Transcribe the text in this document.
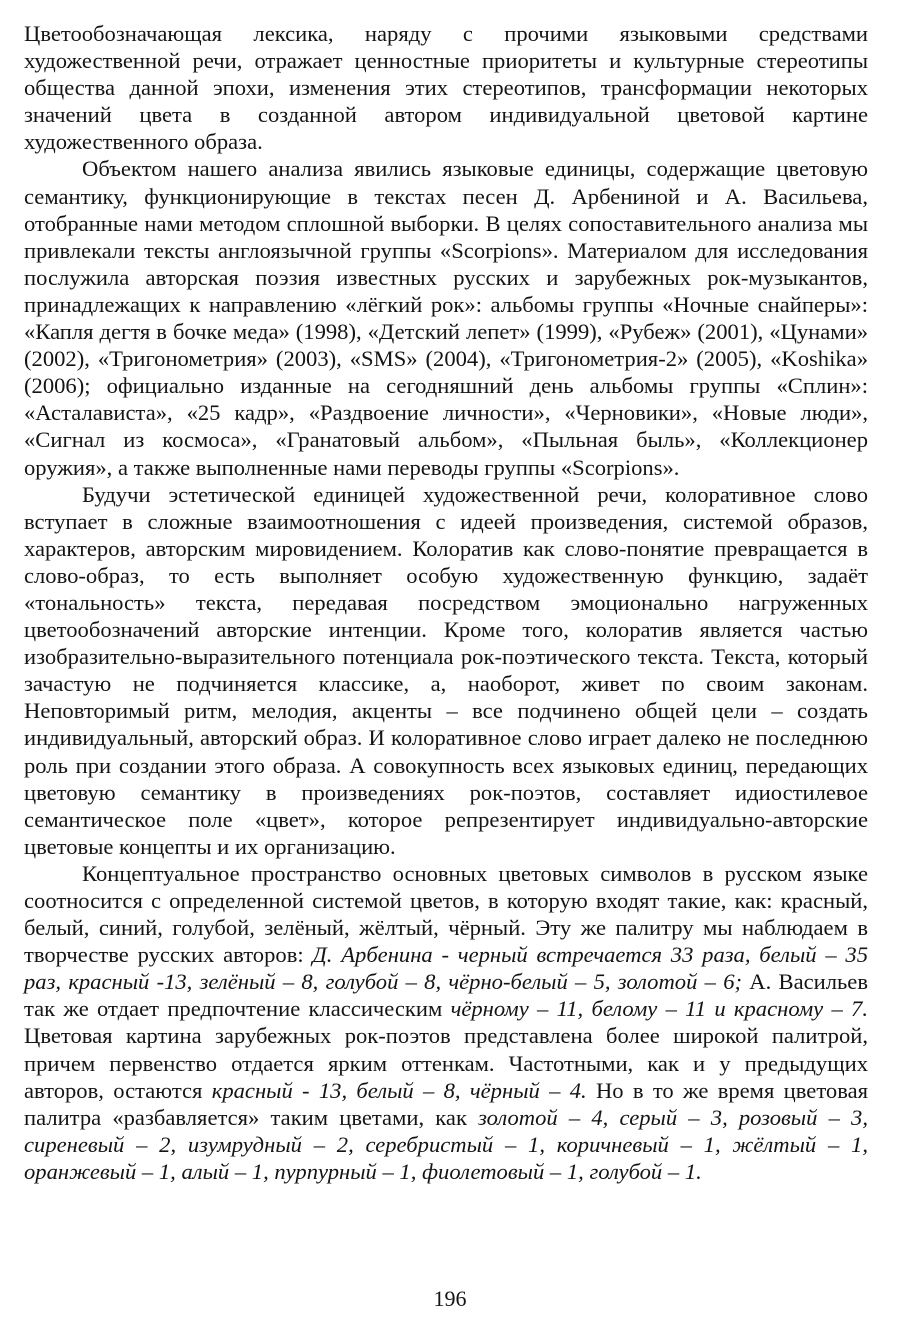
Цветообозначающая лексика, наряду с прочими языковыми средствами художественной речи, отражает ценностные приоритеты и культурные стереотипы общества данной эпохи, изменения этих стереотипов, трансформации некоторых значений цвета в созданной автором индивидуальной цветовой картине художественного образа.

Объектом нашего анализа явились языковые единицы, содержащие цветовую семантику, функционирующие в текстах песен Д. Арбениной и А. Васильева, отобранные нами методом сплошной выборки. В целях сопоставительного анализа мы привлекали тексты англоязычной группы «Scorpions». Материалом для исследования послужила авторская поэзия известных русских и зарубежных рок-музыкантов, принадлежащих к направлению «лёгкий рок»: альбомы группы «Ночные снайперы»: «Капля дегтя в бочке меда» (1998), «Детский лепет» (1999), «Рубеж» (2001), «Цунами» (2002), «Тригонометрия» (2003), «SMS» (2004), «Тригонометрия-2» (2005), «Koshika» (2006); официально изданные на сегодняшний день альбомы группы «Сплин»: «Асталависта», «25 кадр», «Раздвоение личности», «Черновики», «Новые люди», «Сигнал из космоса», «Гранатовый альбом», «Пыльная быль», «Коллекционер оружия», а также выполненные нами переводы группы «Scorpions».

Будучи эстетической единицей художественной речи, колоративное слово вступает в сложные взаимоотношения с идеей произведения, системой образов, характеров, авторским мировидением. Колоратив как слово-понятие превращается в слово-образ, то есть выполняет особую художественную функцию, задаёт «тональность» текста, передавая посредством эмоционально нагруженных цветообозначений авторские интенции. Кроме того, колоратив является частью изобразительно-выразительного потенциала рок-поэтического текста. Текста, который зачастую не подчиняется классике, а, наоборот, живет по своим законам. Неповторимый ритм, мелодия, акценты – все подчинено общей цели – создать индивидуальный, авторский образ. И колоративное слово играет далеко не последнюю роль при создании этого образа. А совокупность всех языковых единиц, передающих цветовую семантику в произведениях рок-поэтов, составляет идиостилевое семантическое поле «цвет», которое репрезентирует индивидуально-авторские цветовые концепты и их организацию.

Концептуальное пространство основных цветовых символов в русском языке соотносится с определенной системой цветов, в которую входят такие, как: красный, белый, синий, голубой, зелёный, жёлтый, чёрный. Эту же палитру мы наблюдаем в творчестве русских авторов: Д. Арбенина - черный встречается 33 раза, белый – 35 раз, красный -13, зелёный – 8, голубой – 8, чёрно-белый – 5, золотой – 6; А. Васильев так же отдает предпочтение классическим чёрному – 11, белому – 11 и красному – 7. Цветовая картина зарубежных рок-поэтов представлена более широкой палитрой, причем первенство отдается ярким оттенкам. Частотными, как и у предыдущих авторов, остаются красный - 13, белый – 8, чёрный – 4. Но в то же время цветовая палитра «разбавляется» таким цветами, как золотой – 4, серый – 3, розовый – 3, сиреневый – 2, изумрудный – 2, серебристый – 1, коричневый – 1, жёлтый – 1, оранжевый – 1, алый – 1, пурпурный – 1, фиолетовый – 1, голубой – 1.

196
